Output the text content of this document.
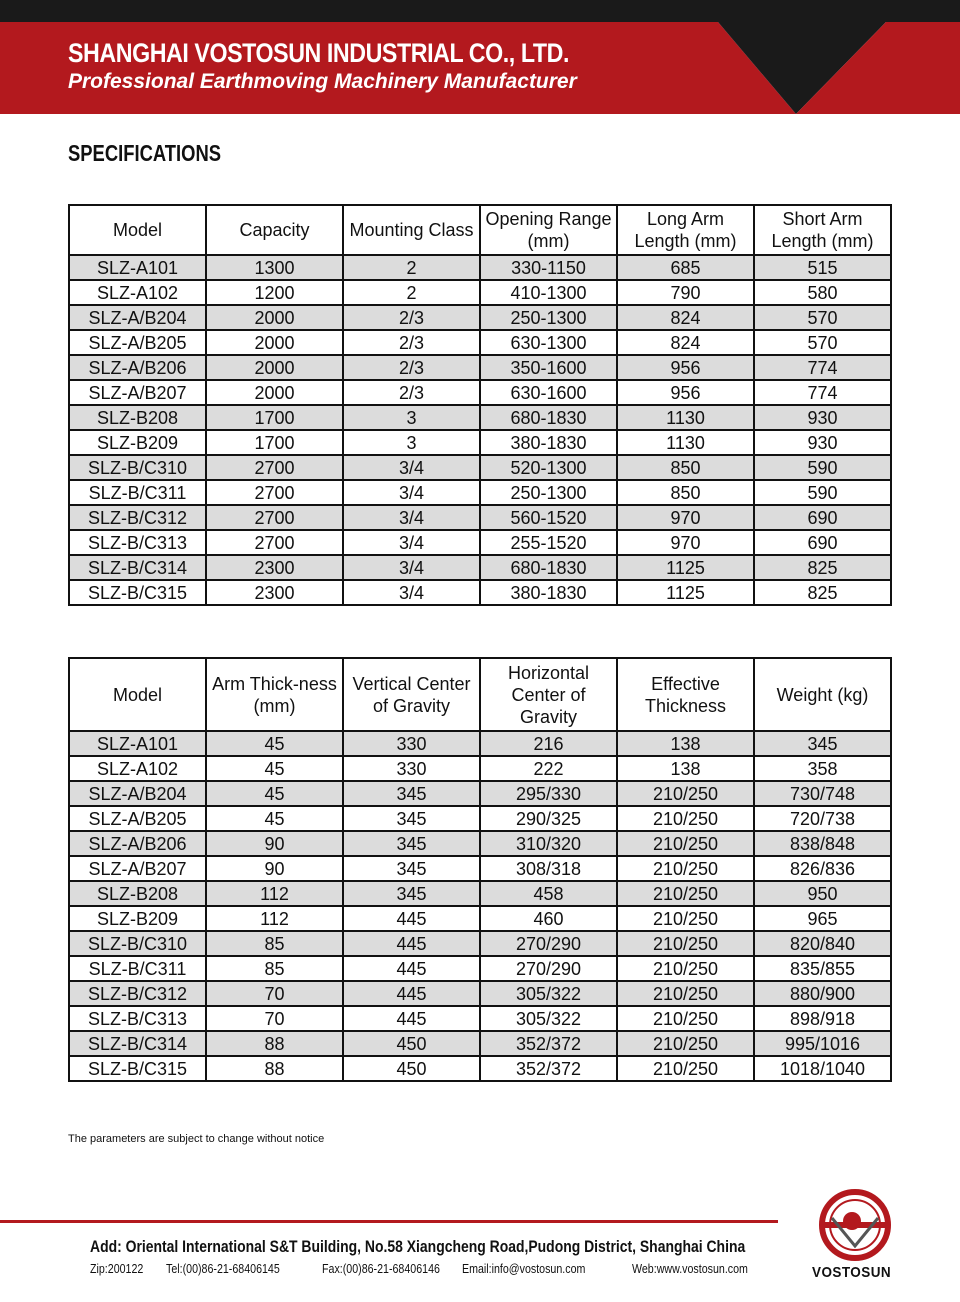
SHANGHAI VOSTOSUN INDUSTRIAL CO., LTD.
Professional Earthmoving Machinery Manufacturer
SPECIFICATIONS
Model	Capacity	Mounting Class	Opening Range (mm)	Long Arm Length (mm)	Short Arm Length (mm)
SLZ-A101	1300	2	330-1150	685	515
SLZ-A102	1200	2	410-1300	790	580
SLZ-A/B204	2000	2/3	250-1300	824	570
SLZ-A/B205	2000	2/3	630-1300	824	570
SLZ-A/B206	2000	2/3	350-1600	956	774
SLZ-A/B207	2000	2/3	630-1600	956	774
SLZ-B208	1700	3	680-1830	1130	930
SLZ-B209	1700	3	380-1830	1130	930
SLZ-B/C310	2700	3/4	520-1300	850	590
SLZ-B/C311	2700	3/4	250-1300	850	590
SLZ-B/C312	2700	3/4	560-1520	970	690
SLZ-B/C313	2700	3/4	255-1520	970	690
SLZ-B/C314	2300	3/4	680-1830	1125	825
SLZ-B/C315	2300	3/4	380-1830	1125	825
Model	Arm Thick-ness (mm)	Vertical Center of Gravity	Horizontal Center of Gravity	Effective Thickness	Weight (kg)
SLZ-A101	45	330	216	138	345
SLZ-A102	45	330	222	138	358
SLZ-A/B204	45	345	295/330	210/250	730/748
SLZ-A/B205	45	345	290/325	210/250	720/738
SLZ-A/B206	90	345	310/320	210/250	838/848
SLZ-A/B207	90	345	308/318	210/250	826/836
SLZ-B208	112	345	458	210/250	950
SLZ-B209	112	445	460	210/250	965
SLZ-B/C310	85	445	270/290	210/250	820/840
SLZ-B/C311	85	445	270/290	210/250	835/855
SLZ-B/C312	70	445	305/322	210/250	880/900
SLZ-B/C313	70	445	305/322	210/250	898/918
SLZ-B/C314	88	450	352/372	210/250	995/1016
SLZ-B/C315	88	450	352/372	210/250	1018/1040
The parameters are subject to change without notice
Add: Oriental International S&T Building, No.58 Xiangcheng Road,Pudong District, Shanghai China
Zip:200122 Tel:(00)86-21-68406145	Fax:(00)86-21-68406146 Email:info@vostosun.com	Web:www.vostosun.com	VOSTOSUN
